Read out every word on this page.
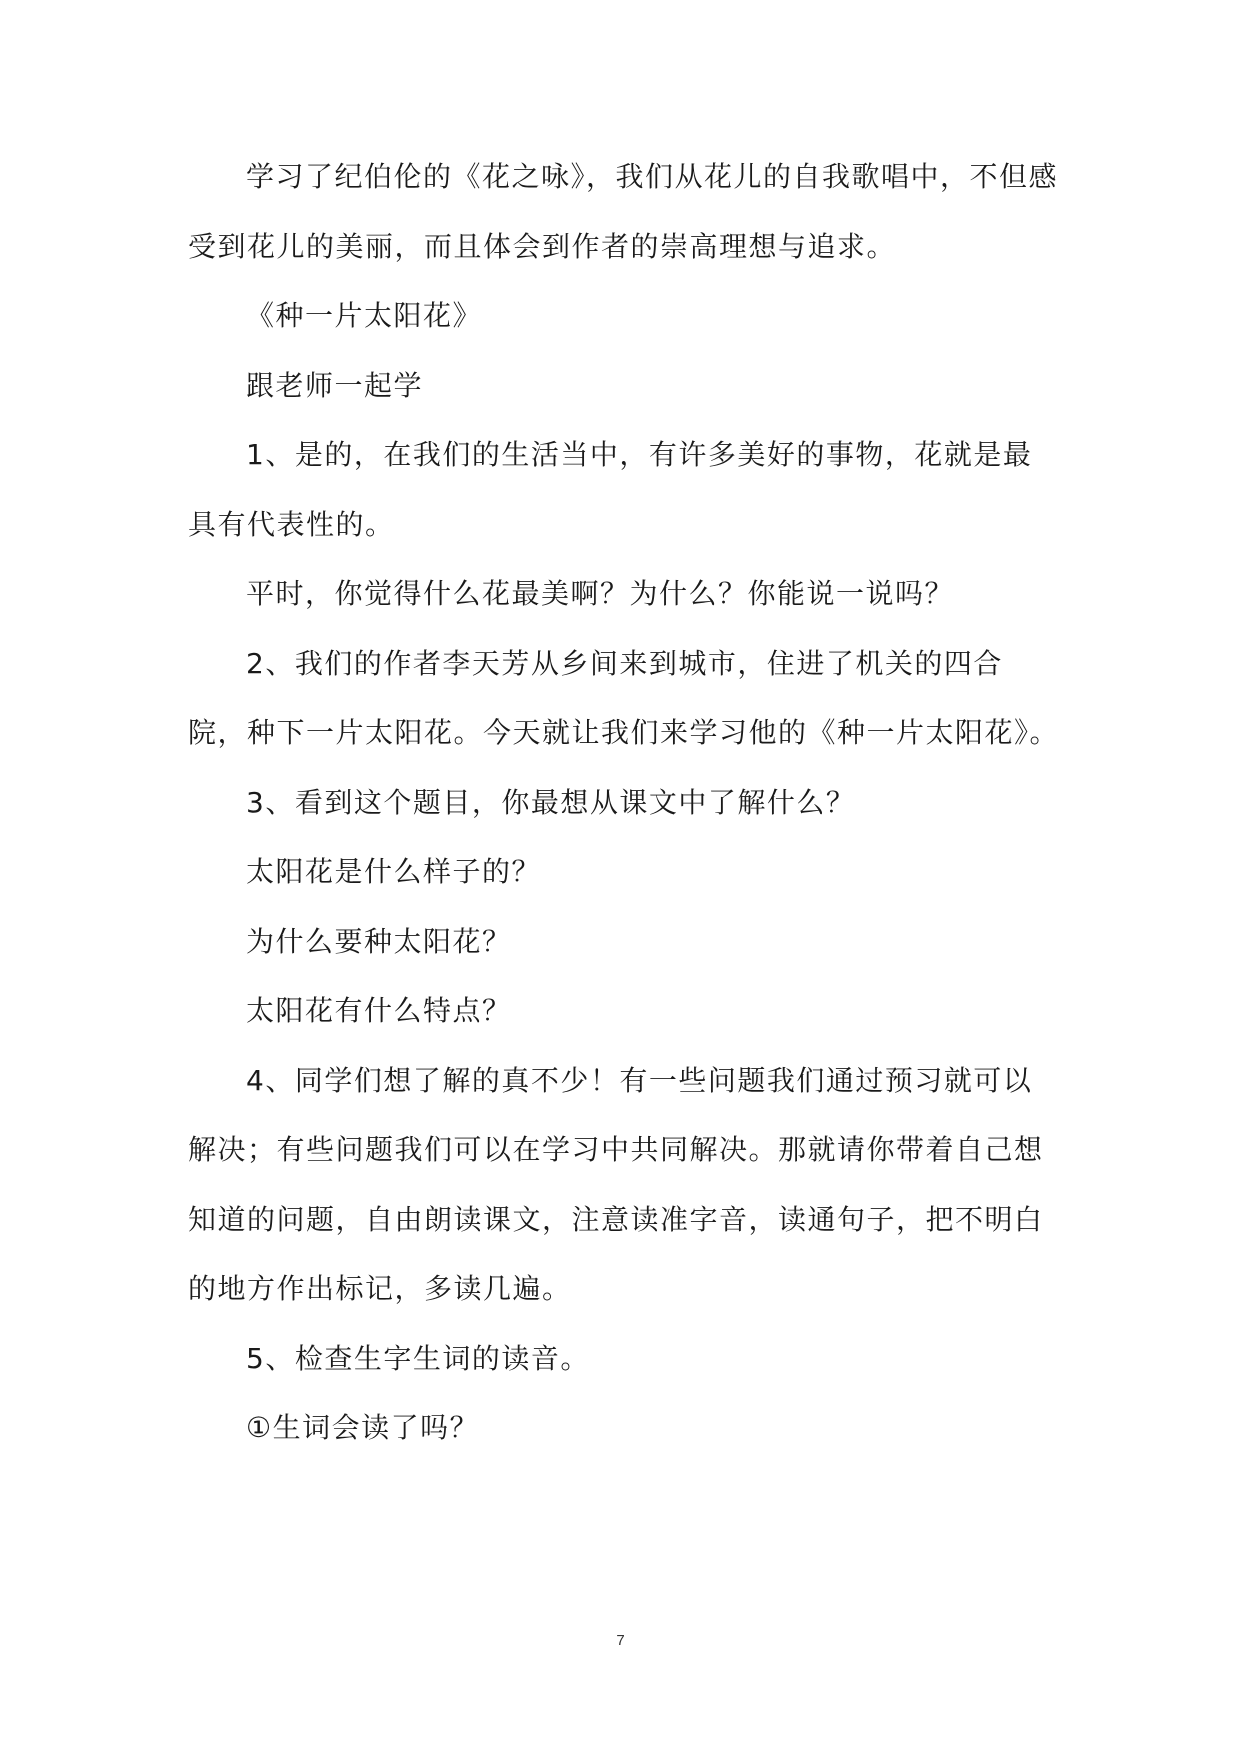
学习了纪伯伦的《花之咏》，我们从花儿的自我歌唱中，不但感受到花儿的美丽，而且体会到作者的崇高理想与追求。

《种一片太阳花》

跟老师一起学

1、是的，在我们的生活当中，有许多美好的事物，花就是最具有代表性的。

平时，你觉得什么花最美啊？为什么？你能说一说吗？

2、我们的作者李天芳从乡间来到城市，住进了机关的四合院，种下一片太阳花。今天就让我们来学习他的《种一片太阳花》。

3、看到这个题目，你最想从课文中了解什么？

太阳花是什么样子的？

为什么要种太阳花？

太阳花有什么特点？

4、同学们想了解的真不少！有一些问题我们通过预习就可以解决；有些问题我们可以在学习中共同解决。那就请你带着自己想知道的问题，自由朗读课文，注意读准字音，读通句子，把不明白的地方作出标记，多读几遍。

5、检查生字生词的读音。

①生词会读了吗？

7
